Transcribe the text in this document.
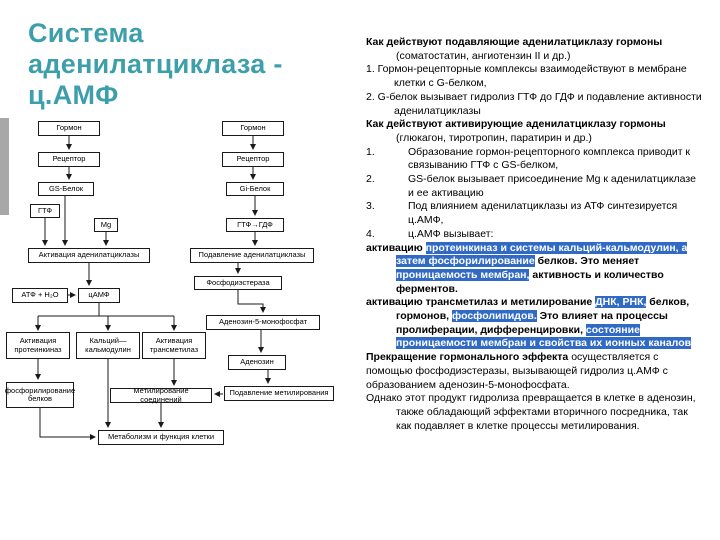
Система
аденилатциклаза -
ц.АМФ
Гормон
Рецептор
GS-Белок
ГТФ
Mg
Активация аденилатциклазы
АТФ + Н₂О	цАМФ
Активация протеинкиназ
Кальций— кальмодулин
Активация трансметилаз
фосфорилирование белков
Метилирование соединений
Метаболизм и функция клетки
Гормон
Рецептор
Gi-Белок
ГТФ→ГДФ
Подавление аденилатциклазы
Фосфодиэстераза
Аденозин-5-монофосфат
Аденозин
Подавление метилирования
Как действуют подавляющие аденилатциклазу гормоны (соматостатин, ангиотензин II и др.)
1. Гормон-рецепторные комплексы взаимодействуют в мембране клетки с G-белком,
2. G-белок вызывает гидролиз ГТФ до ГДФ и подавление активности аденилатциклазы
Как действуют активирующие аденилатциклазу гормоны (глюкагон, тиротропин, паратирин и др.)
1.	Образование гормон-рецепторного комплекса приводит к связыванию ГТФ с GS-белком,
2.	GS-белок вызывает присоединение Mg к аденилатциклазе и ее активацию
3.	Под влиянием аденилатциклазы из АТФ синтезируется ц.АМФ,
4.	ц.АМФ вызывает:
активацию протеинкиназ и системы кальций-кальмодулин, а затем фосфорилирование белков. Это меняет проницаемость мембран, активность и количество ферментов.
активацию трансметилаз и метилирование ДНК, РНК, белков, гормонов, фосфолипидов. Это влияет на процессы пролиферации, дифференцировки, состояние проницаемости мембран и свойства их ионных каналов
Прекращение гормонального эффекта осуществляется с помощью фосфодиэстеразы, вызывающей гидролиз ц.АМФ с образованием аденозин-5-монофосфата.
Однако этот продукт гидролиза превращается в клетке в аденозин, также обладающий эффектами вторичного посредника, так как подавляет в клетке процессы метилирования.
